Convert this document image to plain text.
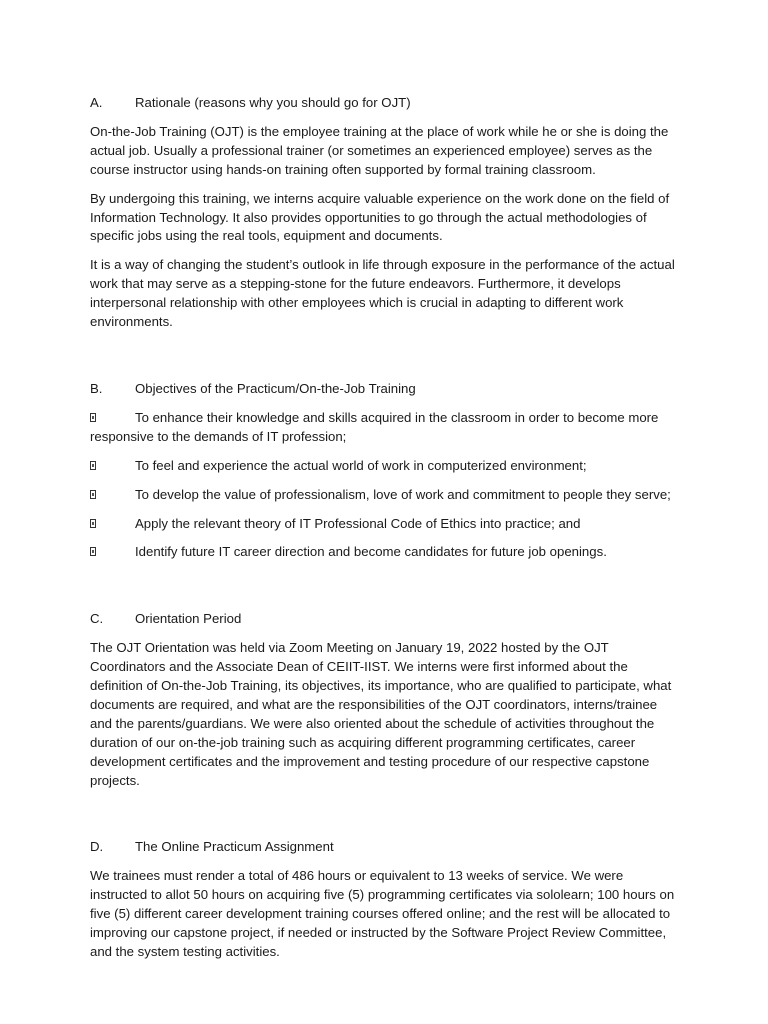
A.	Rationale (reasons why you should go for OJT)

On-the-Job Training (OJT) is the employee training at the place of work while he or she is doing the actual job. Usually a professional trainer (or sometimes an experienced employee) serves as the course instructor using hands-on training often supported by formal training classroom.

By undergoing this training, we interns acquire valuable experience on the work done on the field of Information Technology. It also provides opportunities to go through the actual methodologies of specific jobs using the real tools, equipment and documents.

It is a way of changing the student’s outlook in life through exposure in the performance of the actual work that may serve as a stepping-stone for the future endeavors. Furthermore, it develops interpersonal relationship with other employees which is crucial in adapting to different work environments.

B.	Objectives of the Practicum/On-the-Job Training
To enhance their knowledge and skills acquired in the classroom in order to become more responsive to the demands of IT profession;
To feel and experience the actual world of work in computerized environment;
To develop the value of professionalism, love of work and commitment to people they serve;
Apply the relevant theory of IT Professional Code of Ethics into practice; and
Identify future IT career direction and become candidates for future job openings.
C.	Orientation Period

The OJT Orientation was held via Zoom Meeting on January 19, 2022 hosted by the OJT Coordinators and the Associate Dean of CEIIT-IIST. We interns were first informed about the definition of On-the-Job Training, its objectives, its importance, who are qualified to participate, what documents are required, and what are the responsibilities of the OJT coordinators, interns/trainee and the parents/guardians. We were also oriented about the schedule of activities throughout the duration of our on-the-job training such as acquiring different programming certificates, career development certificates and the improvement and testing procedure of our respective capstone projects.

D.	The Online Practicum Assignment

We trainees must render a total of 486 hours or equivalent to 13 weeks of service. We were instructed to allot 50 hours on acquiring five (5) programming certificates via sololearn; 100 hours on five (5) different career development training courses offered online; and the rest will be allocated to improving our capstone project, if needed or instructed by the Software Project Review Committee, and the system testing activities.
